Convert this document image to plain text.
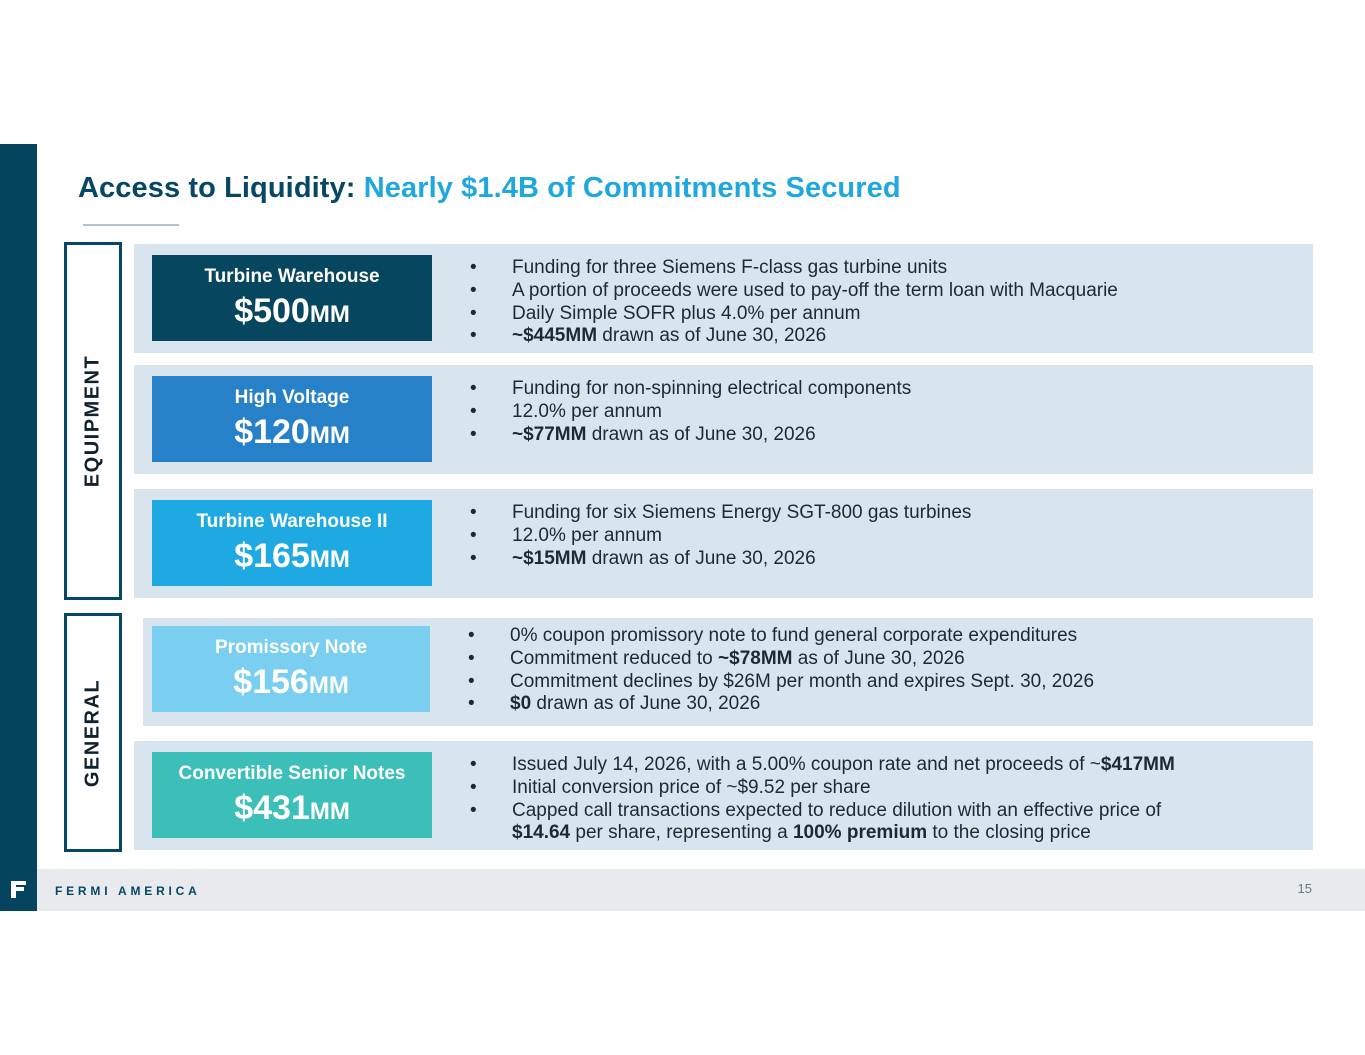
Access to Liquidity: Nearly $1.4B of Commitments Secured
EQUIPMENT
GENERAL
Turbine Warehouse
$500MM
• Funding for three Siemens F-class gas turbine units
• A portion of proceeds were used to pay-off the term loan with Macquarie
• Daily Simple SOFR plus 4.0% per annum
• ~$445MM drawn as of June 30, 2026
High Voltage
$120MM
• Funding for non-spinning electrical components
• 12.0% per annum
• ~$77MM drawn as of June 30, 2026
Turbine Warehouse II
$165MM
• Funding for six Siemens Energy SGT-800 gas turbines
• 12.0% per annum
• ~$15MM drawn as of June 30, 2026
Promissory Note
$156MM
• 0% coupon promissory note to fund general corporate expenditures
• Commitment reduced to ~$78MM as of June 30, 2026
• Commitment declines by $26M per month and expires Sept. 30, 2026
• $0 drawn as of June 30, 2026
Convertible Senior Notes
$431MM
• Issued July 14, 2026, with a 5.00% coupon rate and net proceeds of ~$417MM
• Initial conversion price of ~$9.52 per share
• Capped call transactions expected to reduce dilution with an effective price of
$14.64 per share, representing a 100% premium to the closing price
FERMI AMERICA	15
